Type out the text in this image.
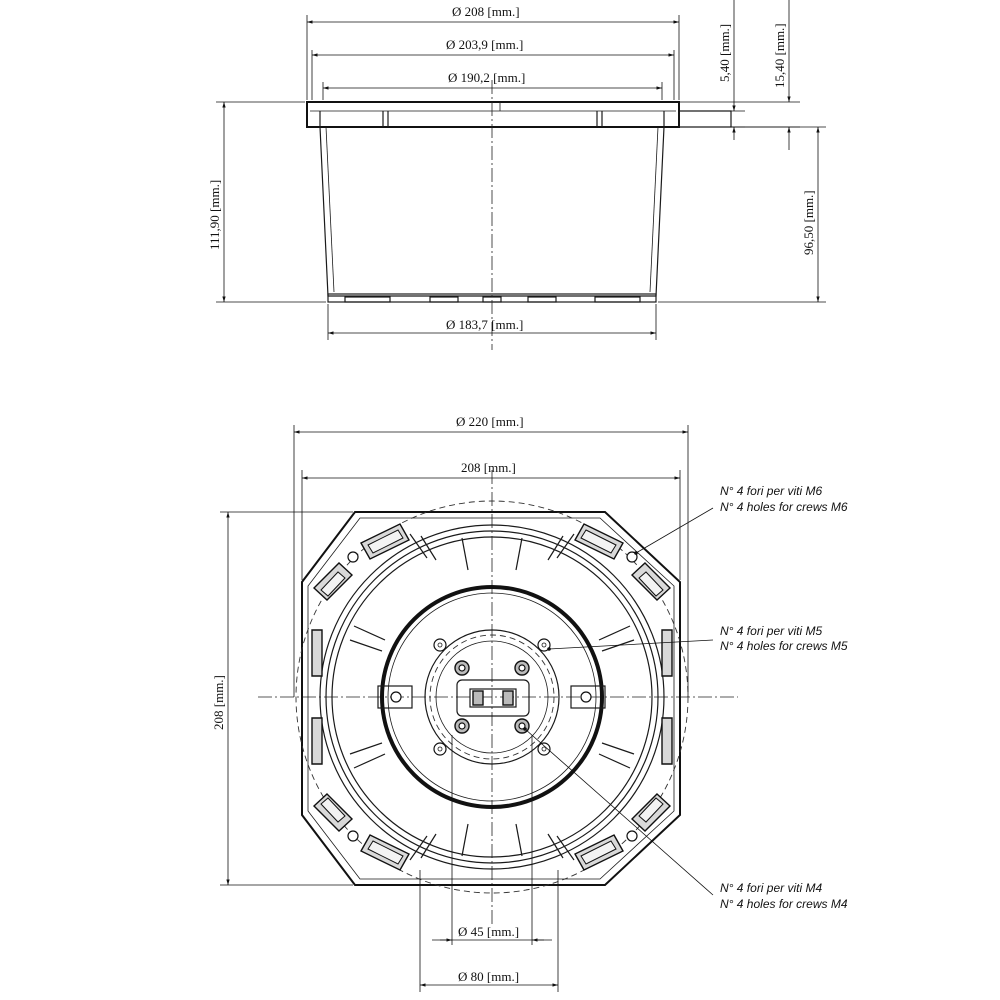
Ø 208 [mm.]
Ø 203,9 [mm.]
Ø 190,2 [mm.]	5,40 [mm.]	15,40 [mm.]
111,90 [mm.]	96,50 [mm.]
Ø 183,7 [mm.]
Ø 220 [mm.]
208 [mm.]
208 [mm.]
Ø 45 [mm.]
Ø 80 [mm.]
N° 4 fori per viti M6
N° 4 holes for crews M6
N° 4 fori per viti M5
N° 4 holes for crews M5
N° 4 fori per viti M4
N° 4 holes for crews M4
